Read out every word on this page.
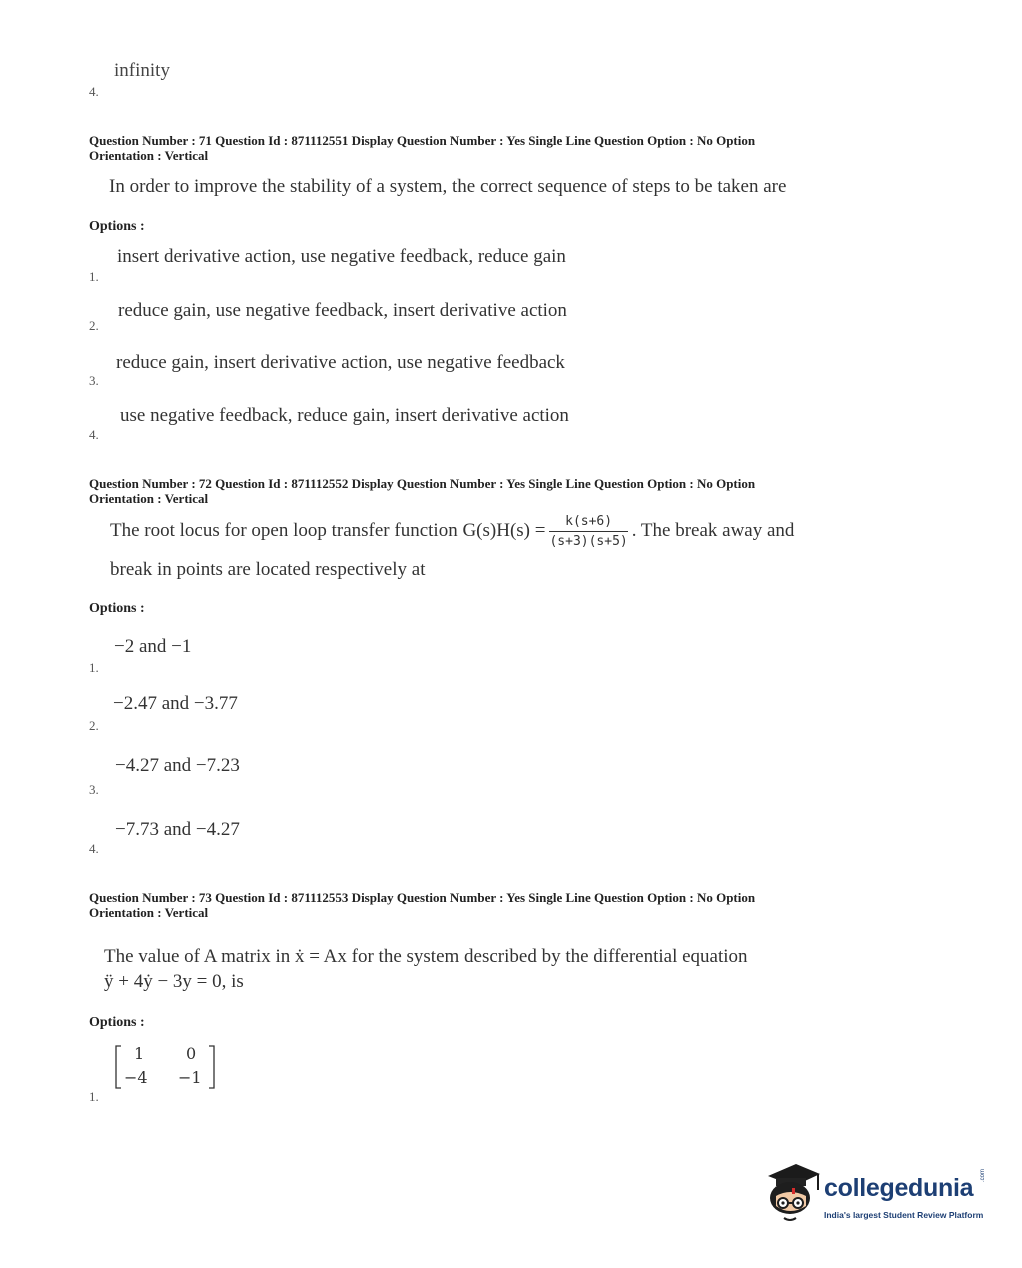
infinity
4.
Question Number : 71 Question Id : 871112551 Display Question Number : Yes Single Line Question Option : No Option
Orientation : Vertical
In order to improve the stability of a system, the correct sequence of steps to be taken are
Options :
insert derivative action, use negative feedback, reduce gain
1.
reduce gain, use negative feedback, insert derivative action
2.
reduce gain, insert derivative action, use negative feedback
3.
use negative feedback, reduce gain, insert derivative action
4.
Question Number : 72 Question Id : 871112552 Display Question Number : Yes Single Line Question Option : No Option
Orientation : Vertical
The root locus for open loop transfer function $G(s)H(s) = \frac{k(s+6)}{(s+3)(s+5)}$ . The break away and
break in points are located respectively at
Options :
−2 and −1
1.
−2.47 and −3.77
2.
−4.27 and −7.23
3.
−7.73 and −4.27
4.
Question Number : 73 Question Id : 871112553 Display Question Number : Yes Single Line Question Option : No Option
Orientation : Vertical
The value of A matrix in ẋ = Ax for the system described by the differential equation
ÿ + 4ẏ − 3y = 0, is
Options :
1	0
−4 −1
1.
collegedunia .com
India's largest Student Review Platform
